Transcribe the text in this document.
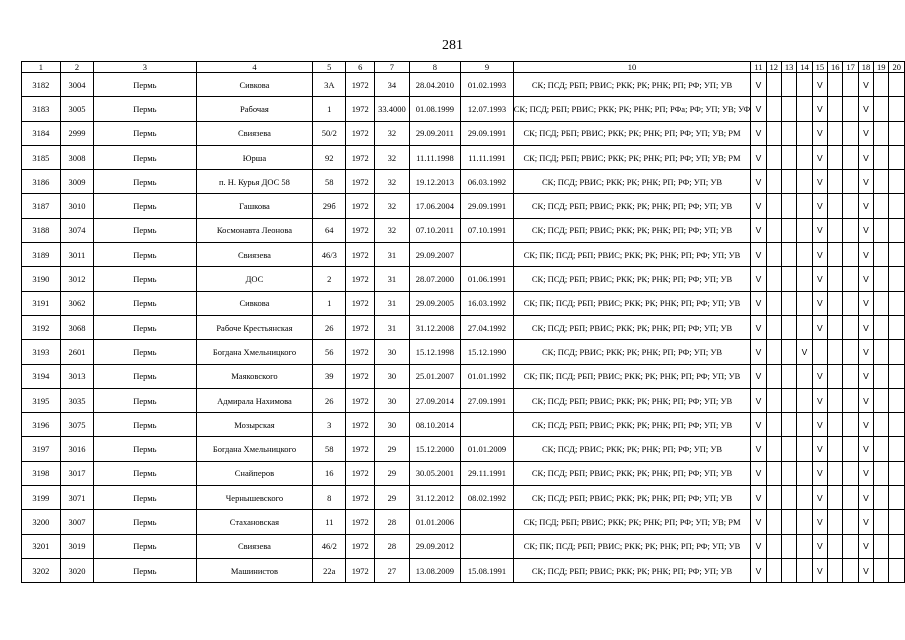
281
1	2	3	4	5	6	7	8	9	10	11	12	13	14	15	16	17	18	19	20
3182	3004	Пермь	Сивкова	3А	1972	34	28.04.2010	01.02.1993	СК; ПСД; РБП; РВИС; РКК; РК; РНК; РП; РФ; УП; УВ	V				V			V		
3183	3005	Пермь	Рабочая	1	1972	33.4000	01.08.1999	12.07.1993	СК; ПСД; РБП; РВИС; РКК; РК; РНК; РП; РФа; РФ; УП; УВ; УФ	V				V			V		
3184	2999	Пермь	Свиязева	50/2	1972	32	29.09.2011	29.09.1991	СК; ПСД; РБП; РВИС; РКК; РК; РНК; РП; РФ; УП; УВ; РМ	V				V			V		
3185	3008	Пермь	Юрша	92	1972	32	11.11.1998	11.11.1991	СК; ПСД; РБП; РВИС; РКК; РК; РНК; РП; РФ; УП; УВ; РМ	V				V			V		
3186	3009	Пермь	п. Н. Курья ДОС 58	58	1972	32	19.12.2013	06.03.1992	СК; ПСД; РВИС; РКК; РК; РНК; РП; РФ; УП; УВ	V				V			V		
3187	3010	Пермь	Гашкова	29б	1972	32	17.06.2004	29.09.1991	СК; ПСД; РБП; РВИС; РКК; РК; РНК; РП; РФ; УП; УВ	V				V			V		
3188	3074	Пермь	Космонавта Леонова	64	1972	32	07.10.2011	07.10.1991	СК; ПСД; РБП; РВИС; РКК; РК; РНК; РП; РФ; УП; УВ	V				V			V		
3189	3011	Пермь	Свиязева	46/3	1972	31	29.09.2007		СК; ПК; ПСД; РБП; РВИС; РКК; РК; РНК; РП; РФ; УП; УВ	V				V			V		
3190	3012	Пермь	ДОС	2	1972	31	28.07.2000	01.06.1991	СК; ПСД; РБП; РВИС; РКК; РК; РНК; РП; РФ; УП; УВ	V				V			V		
3191	3062	Пермь	Сивкова	1	1972	31	29.09.2005	16.03.1992	СК; ПК; ПСД; РБП; РВИС; РКК; РК; РНК; РП; РФ; УП; УВ	V				V			V		
3192	3068	Пермь	Рабоче Крестьянская	26	1972	31	31.12.2008	27.04.1992	СК; ПСД; РБП; РВИС; РКК; РК; РНК; РП; РФ; УП; УВ	V				V			V		
3193	2601	Пермь	Богдана Хмельницкого	56	1972	30	15.12.1998	15.12.1990	СК; ПСД; РВИС; РКК; РК; РНК; РП; РФ; УП; УВ	V			V				V		
3194	3013	Пермь	Маяковского	39	1972	30	25.01.2007	01.01.1992	СК; ПК; ПСД; РБП; РВИС; РКК; РК; РНК; РП; РФ; УП; УВ	V				V			V		
3195	3035	Пермь	Адмирала Нахимова	26	1972	30	27.09.2014	27.09.1991	СК; ПСД; РБП; РВИС; РКК; РК; РНК; РП; РФ; УП; УВ	V				V			V		
3196	3075	Пермь	Мозырская	3	1972	30	08.10.2014		СК; ПСД; РБП; РВИС; РКК; РК; РНК; РП; РФ; УП; УВ	V				V			V		
3197	3016	Пермь	Богдана Хмельницкого	58	1972	29	15.12.2000	01.01.2009	СК; ПСД; РВИС; РКК; РК; РНК; РП; РФ; УП; УВ	V				V			V		
3198	3017	Пермь	Снайперов	16	1972	29	30.05.2001	29.11.1991	СК; ПСД; РБП; РВИС; РКК; РК; РНК; РП; РФ; УП; УВ	V				V			V		
3199	3071	Пермь	Чернышевского	8	1972	29	31.12.2012	08.02.1992	СК; ПСД; РБП; РВИС; РКК; РК; РНК; РП; РФ; УП; УВ	V				V			V		
3200	3007	Пермь	Стахановская	11	1972	28	01.01.2006		СК; ПСД; РБП; РВИС; РКК; РК; РНК; РП; РФ; УП; УВ; РМ	V				V			V		
3201	3019	Пермь	Свиязева	46/2	1972	28	29.09.2012		СК; ПК; ПСД; РБП; РВИС; РКК; РК; РНК; РП; РФ; УП; УВ	V				V			V		
3202	3020	Пермь	Машинистов	22а	1972	27	13.08.2009	15.08.1991	СК; ПСД; РБП; РВИС; РКК; РК; РНК; РП; РФ; УП; УВ	V				V			V		
